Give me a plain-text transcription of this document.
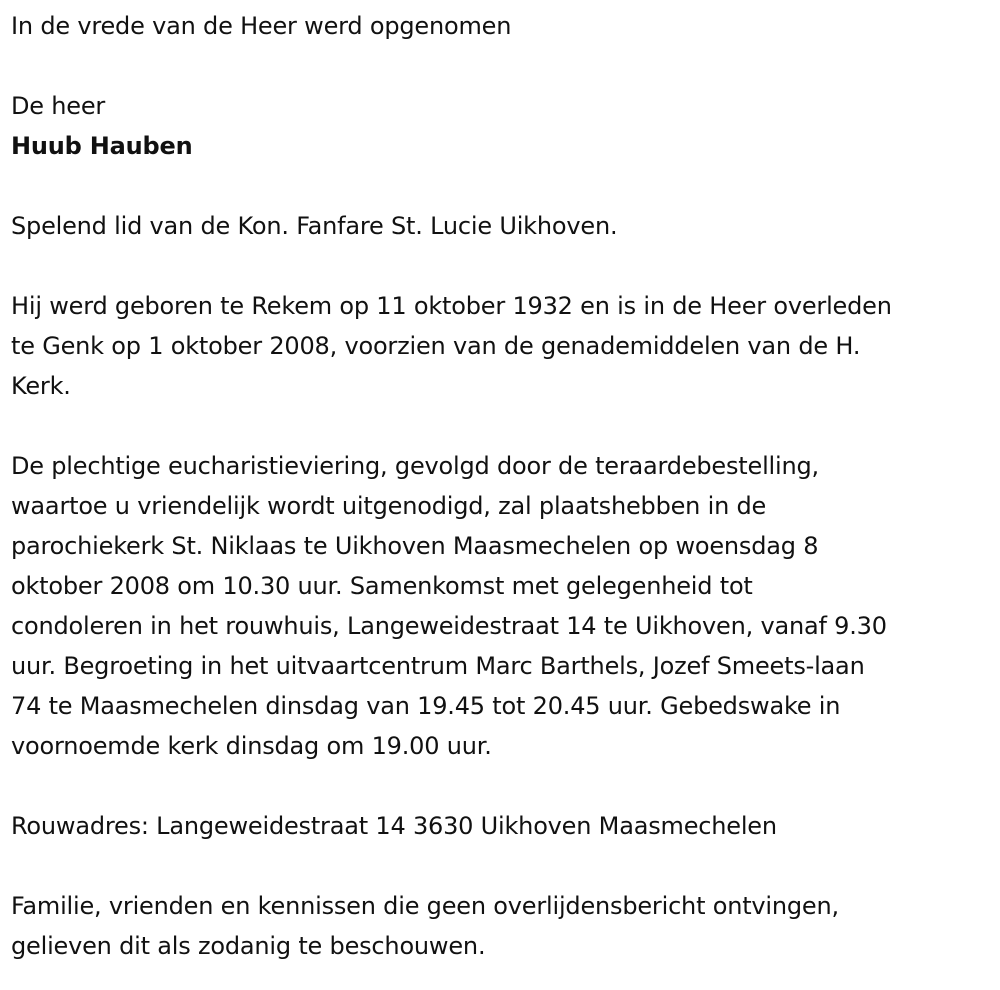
In de vrede van de Heer werd opgenomen
De heer
Huub Hauben
Spelend lid van de Kon. Fanfare St. Lucie Uikhoven.
Hij werd geboren te Rekem op 11 oktober 1932 en is in de Heer overleden
te Genk op 1 oktober 2008, voorzien van de genademiddelen van de H.
Kerk.
De plechtige eucharistieviering, gevolgd door de teraardebestelling,
waartoe u vriendelijk wordt uitgenodigd, zal plaatshebben in de
parochiekerk St. Niklaas te Uikhoven Maasmechelen op woensdag 8
oktober 2008 om 10.30 uur. Samenkomst met gelegenheid tot
condoleren in het rouwhuis, Langeweidestraat 14 te Uikhoven, vanaf 9.30
uur. Begroeting in het uitvaartcentrum Marc Barthels, Jozef Smeets-laan
74 te Maasmechelen dinsdag van 19.45 tot 20.45 uur. Gebedswake in
voornoemde kerk dinsdag om 19.00 uur.
Rouwadres: Langeweidestraat 14 3630 Uikhoven Maasmechelen
Familie, vrienden en kennissen die geen overlijdensbericht ontvingen,
gelieven dit als zodanig te beschouwen.
